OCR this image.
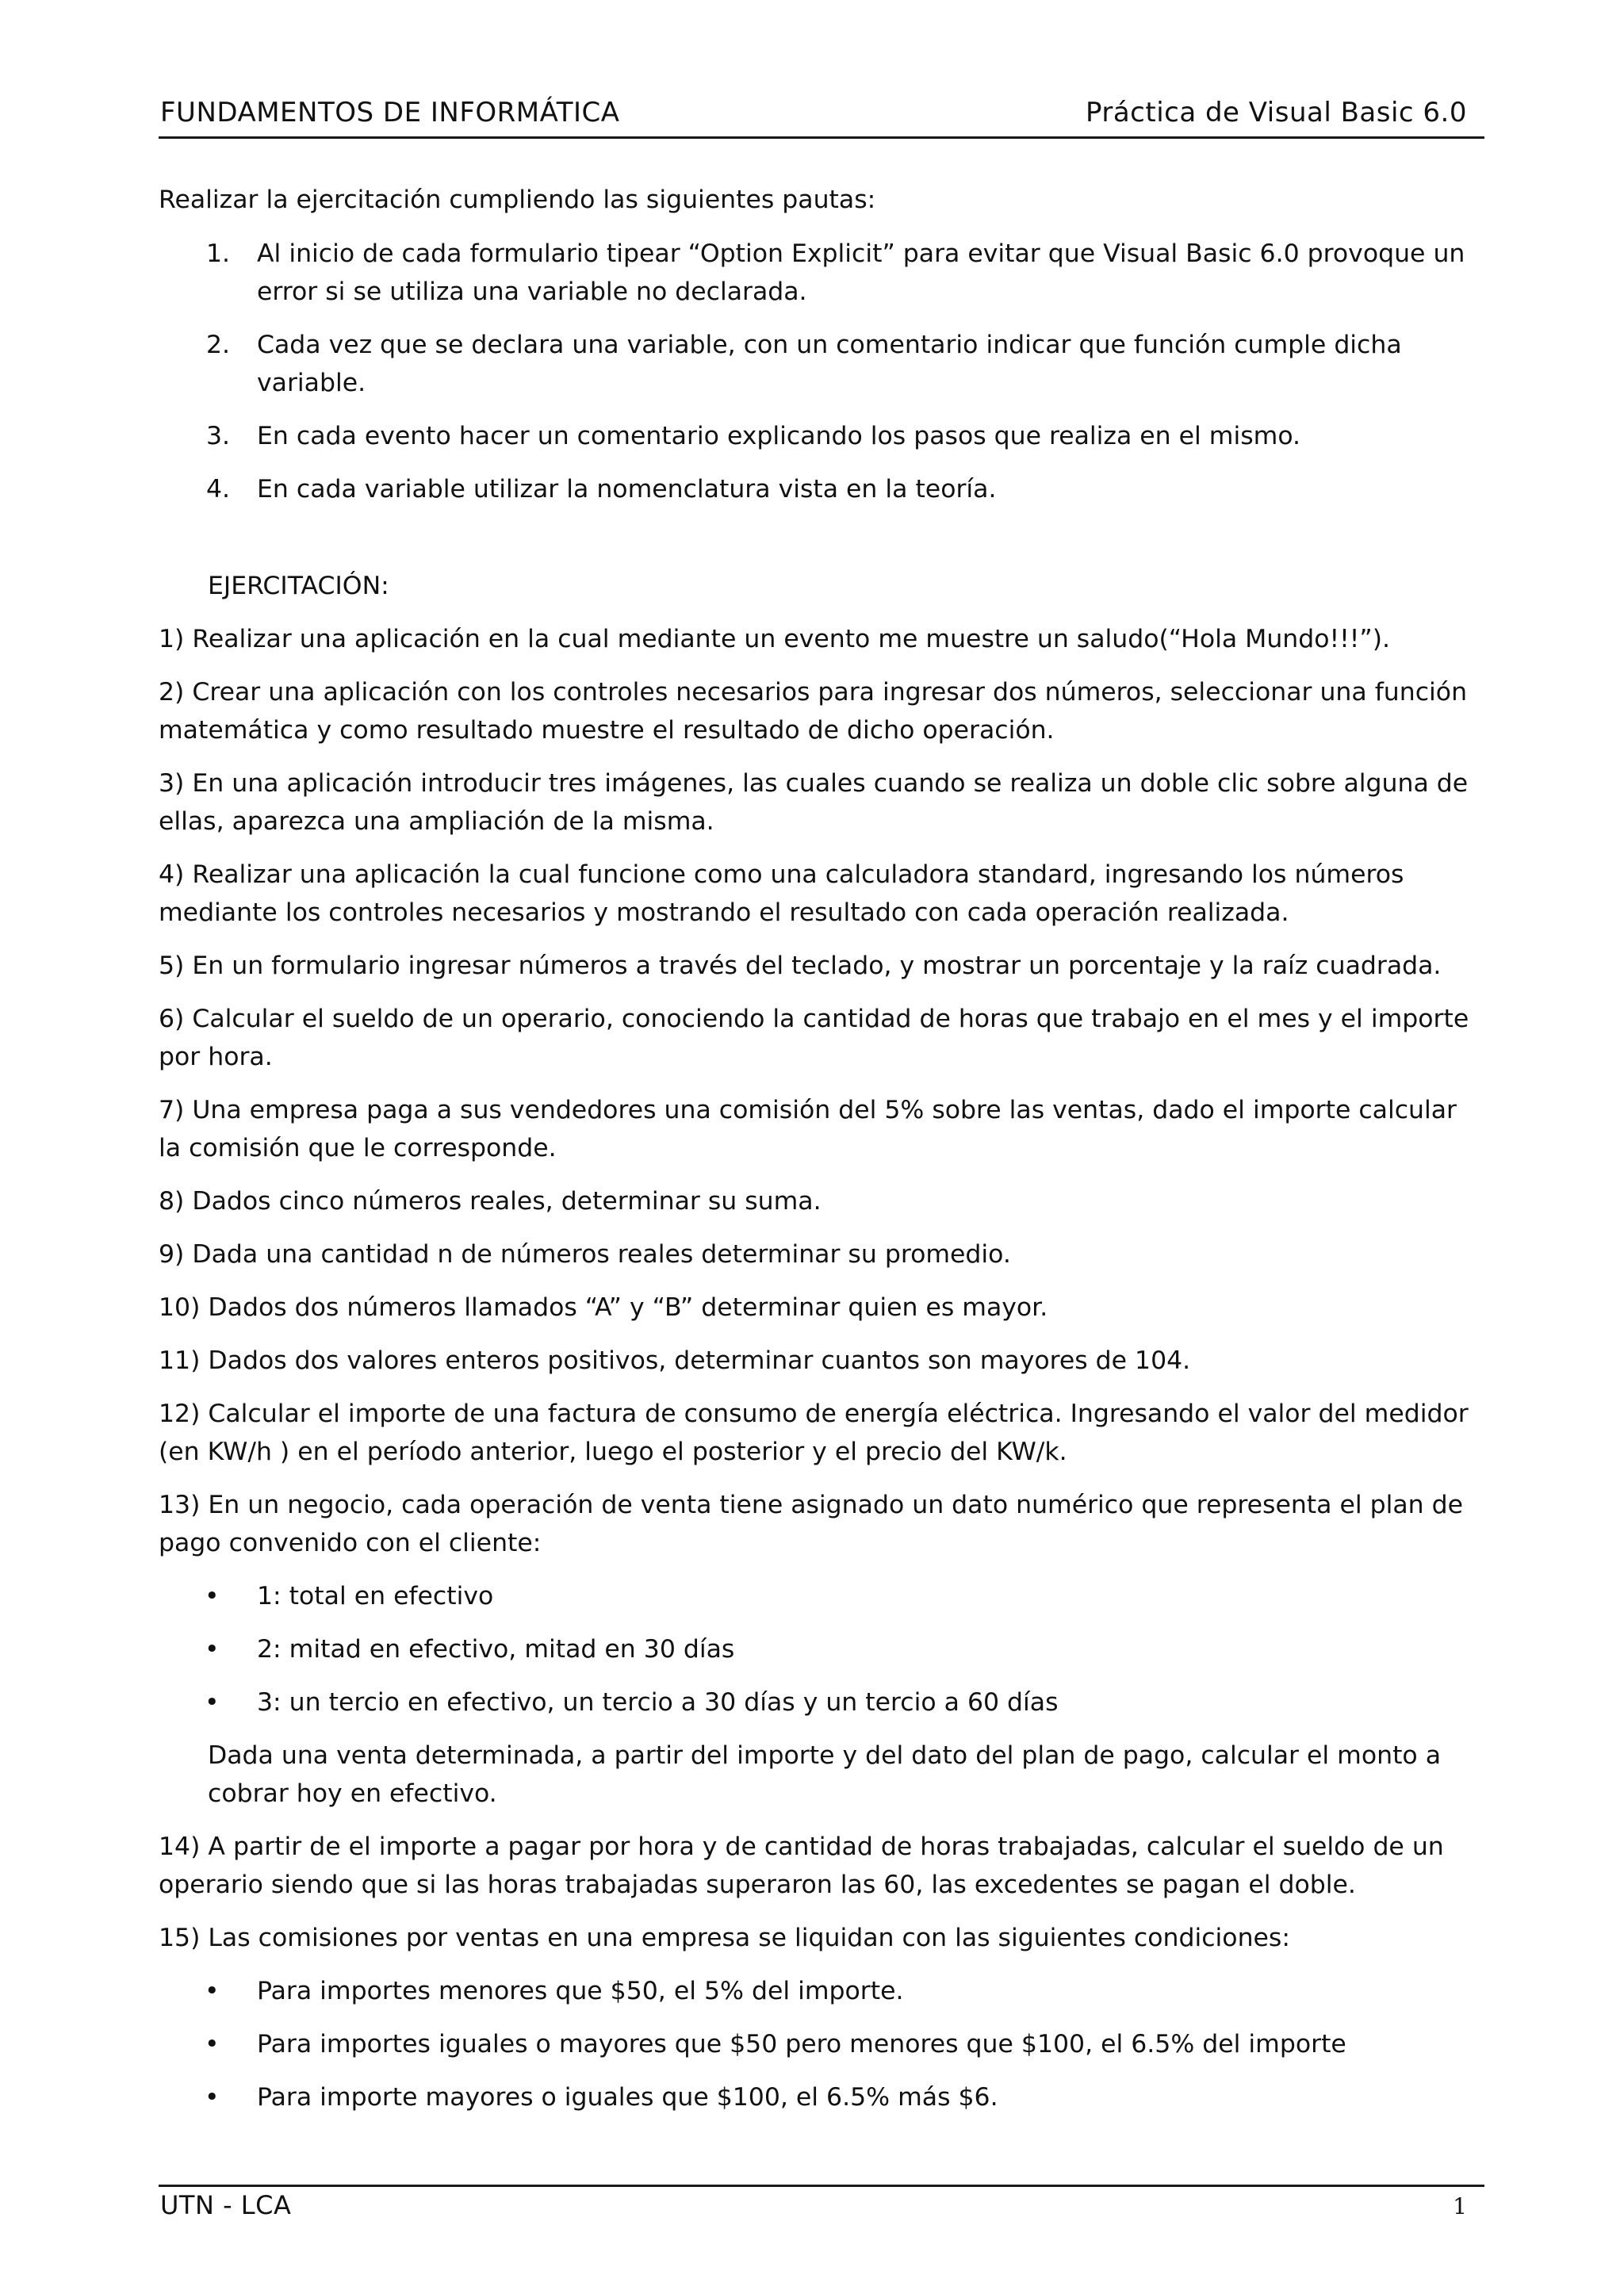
FUNDAMENTOS DE INFORMÁTICA	Práctica de Visual Basic 6.0

Realizar la ejercitación cumpliendo las siguientes pautas:

1. Al inicio de cada formulario tipear “Option Explicit” para evitar que Visual Basic 6.0 provoque un error si se utiliza una variable no declarada.
2. Cada vez que se declara una variable, con un comentario indicar que función cumple dicha variable.
3. En cada evento hacer un comentario explicando los pasos que realiza en el mismo.
4. En cada variable utilizar la nomenclatura vista en la teoría.

EJERCITACIÓN:

1) Realizar una aplicación en la cual mediante un evento me muestre un saludo(“Hola Mundo!!!”).

2) Crear una aplicación con los controles necesarios para ingresar dos números, seleccionar una función matemática y como resultado muestre el resultado de dicho operación.

3) En una aplicación introducir tres imágenes, las cuales cuando se realiza un doble clic sobre alguna de ellas, aparezca una ampliación de la misma.

4) Realizar una aplicación la cual funcione como una calculadora standard, ingresando los números mediante los controles necesarios y mostrando el resultado con cada operación realizada.

5) En un formulario ingresar números a través del teclado, y mostrar un porcentaje y la raíz cuadrada.

6) Calcular el sueldo de un operario, conociendo la cantidad de horas que trabajo en el mes y el importe por hora.

7) Una empresa paga a sus vendedores una comisión del 5% sobre las ventas, dado el importe calcular la comisión que le corresponde.

8) Dados cinco números reales, determinar su suma.

9) Dada una cantidad n de números reales determinar su promedio.

10) Dados dos números llamados “A” y “B” determinar quien es mayor.

11) Dados dos valores enteros positivos, determinar cuantos son mayores de 104.

12) Calcular el importe de una factura de consumo de energía eléctrica. Ingresando el valor del medidor (en KW/h ) en el período anterior, luego el posterior y el precio del KW/k.

13) En un negocio, cada operación de venta tiene asignado un dato numérico que representa el plan de pago convenido con el cliente:

• 1: total en efectivo
• 2: mitad en efectivo, mitad en 30 días
• 3: un tercio en efectivo, un tercio a 30 días y un tercio a 60 días

Dada una venta determinada, a partir del importe y del dato del plan de pago, calcular el monto a cobrar hoy en efectivo.

14) A partir de el importe a pagar por hora y de cantidad de horas trabajadas, calcular el sueldo de un operario siendo que si las horas trabajadas superaron las 60, las excedentes se pagan el doble.

15) Las comisiones por ventas en una empresa se liquidan con las siguientes condiciones:

• Para importes menores que $50, el 5% del importe.
• Para importes iguales o mayores que $50 pero menores que $100, el 6.5% del importe
• Para importe mayores o iguales que $100, el 6.5% más $6.
UTN - LCA	1
